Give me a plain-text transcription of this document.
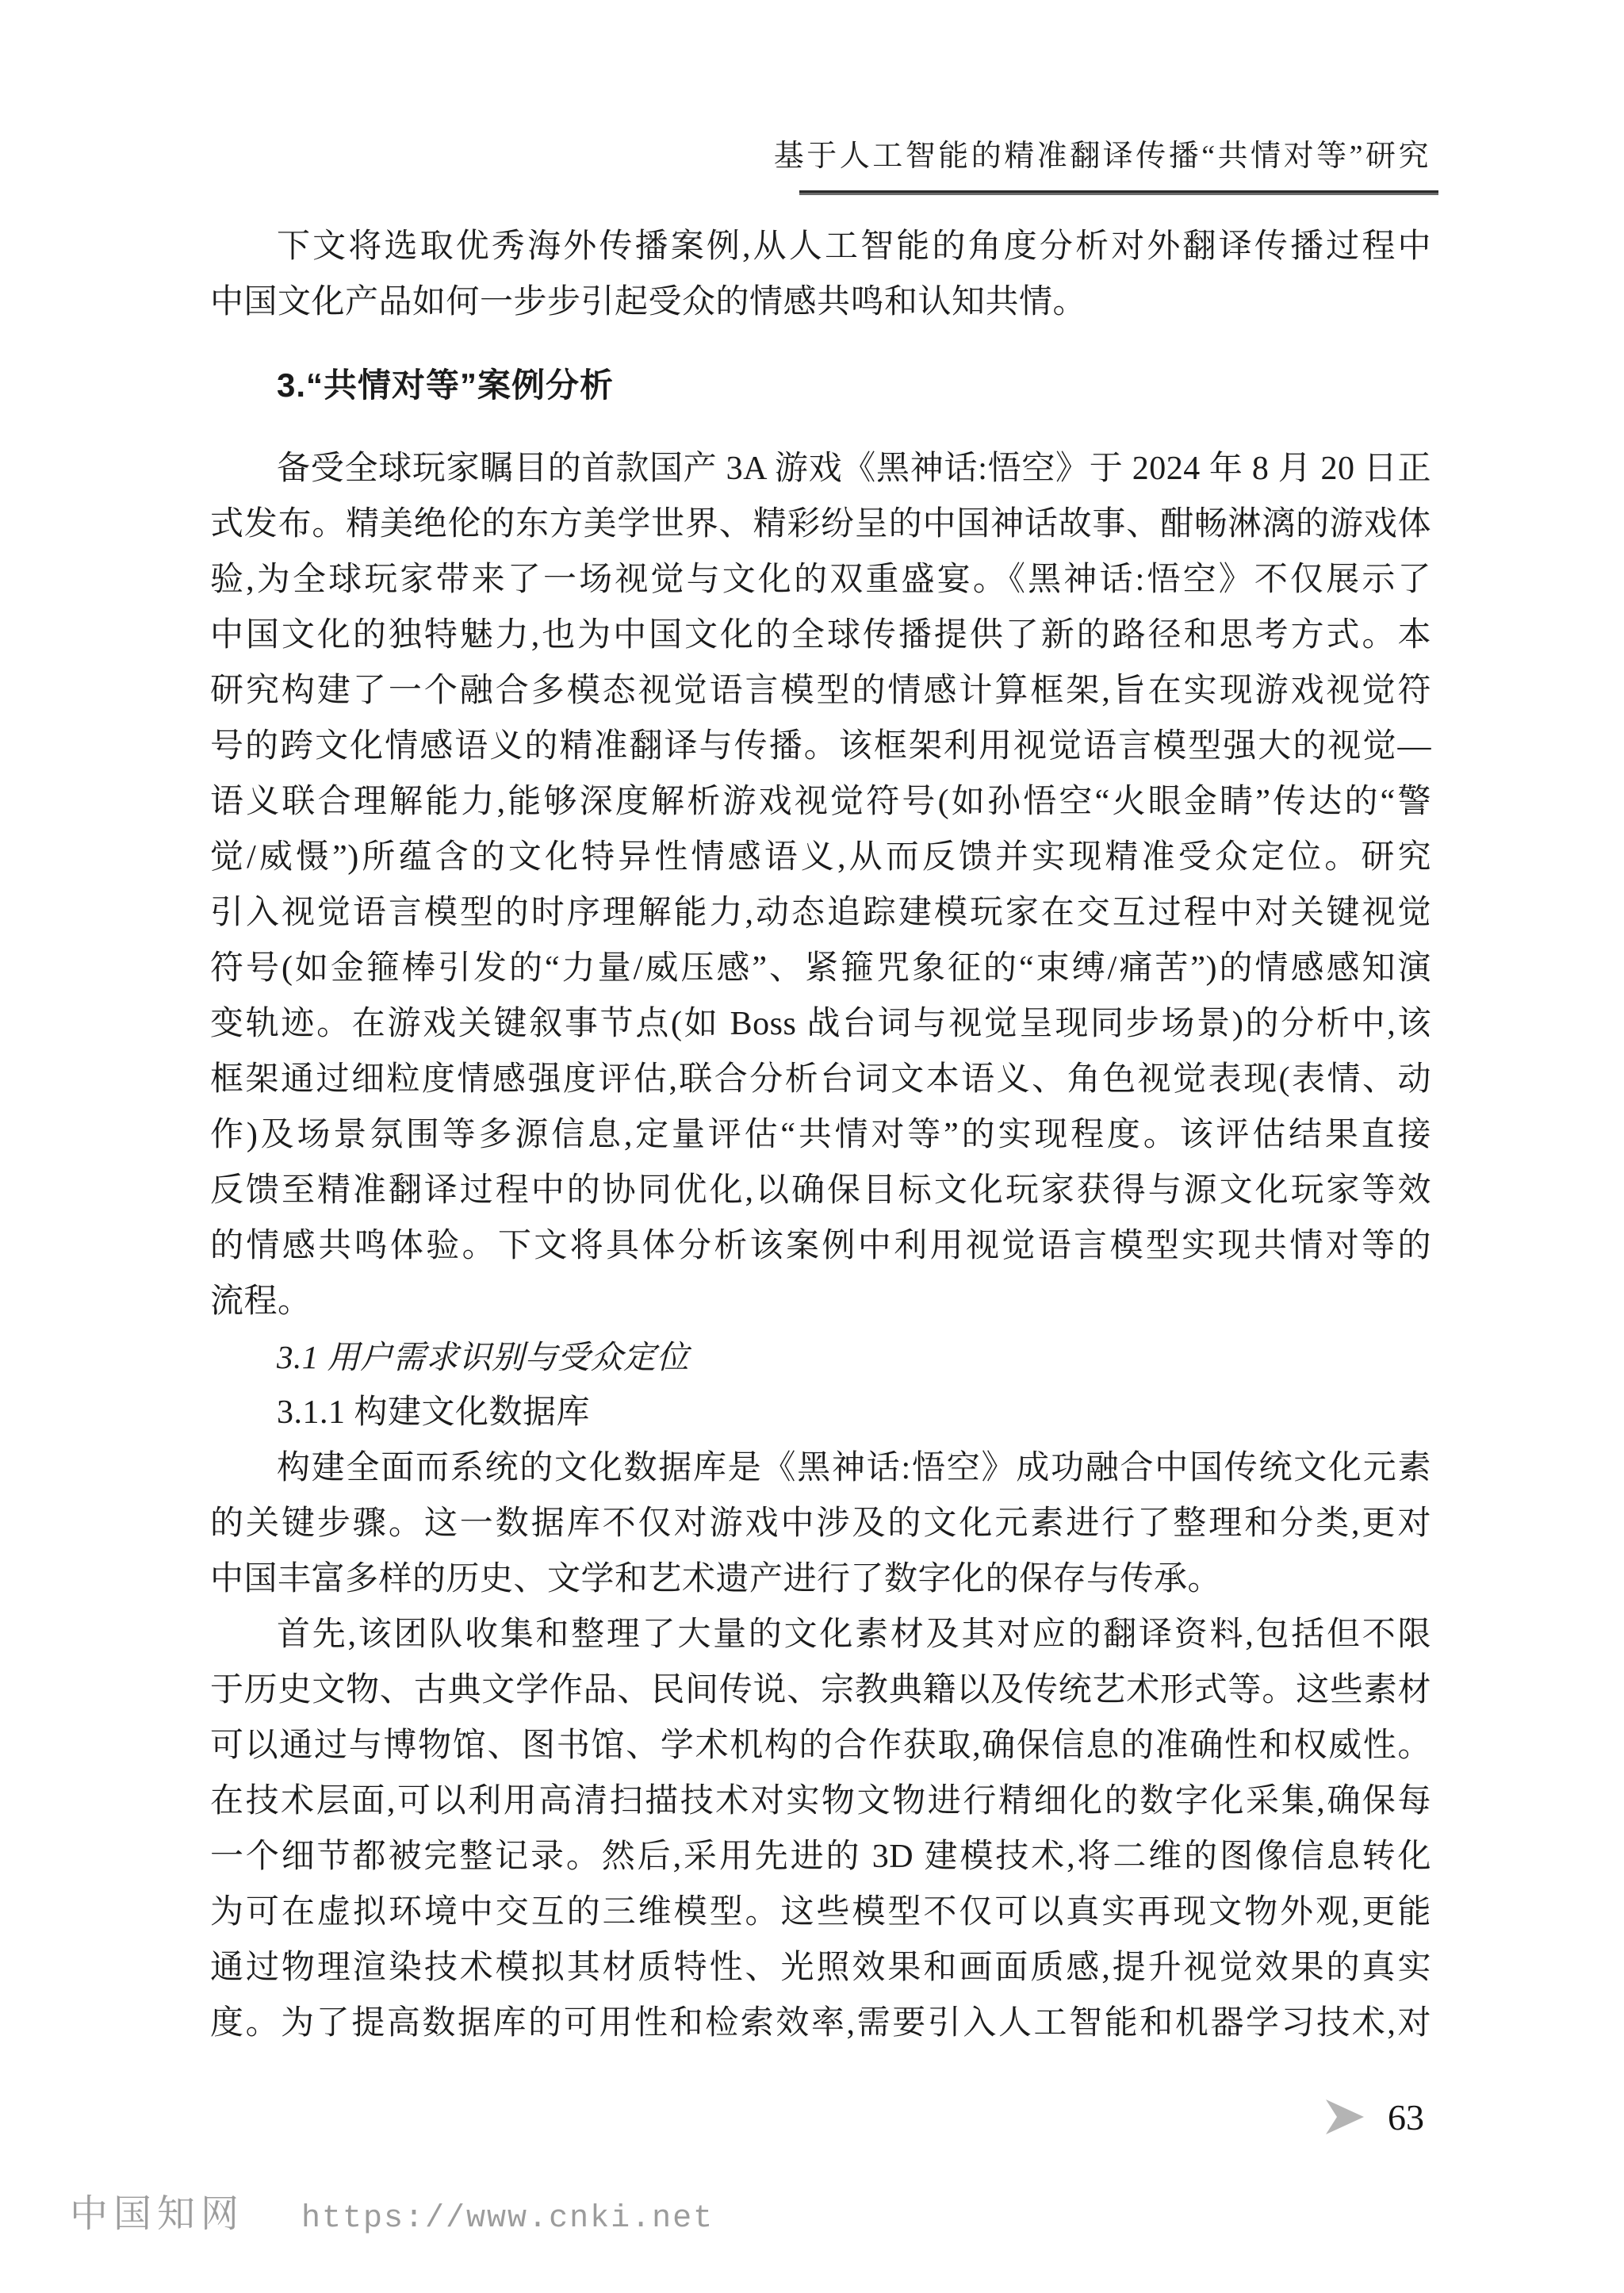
基于人工智能的精准翻译传播“共情对等”研究
下文将选取优秀海外传播案例,从人工智能的角度分析对外翻译传播过程中
中国文化产品如何一步步引起受众的情感共鸣和认知共情。
3.“共情对等”案例分析
备受全球玩家瞩目的首款国产 3A 游戏《黑神话:悟空》于 2024 年 8 月 20 日正
式发布。精美绝伦的东方美学世界、精彩纷呈的中国神话故事、酣畅淋漓的游戏体
验,为全球玩家带来了一场视觉与文化的双重盛宴。《黑神话:悟空》不仅展示了
中国文化的独特魅力,也为中国文化的全球传播提供了新的路径和思考方式。本
研究构建了一个融合多模态视觉语言模型的情感计算框架,旨在实现游戏视觉符
号的跨文化情感语义的精准翻译与传播。该框架利用视觉语言模型强大的视觉—
语义联合理解能力,能够深度解析游戏视觉符号(如孙悟空“火眼金睛”传达的“警
觉/威慑”)所蕴含的文化特异性情感语义,从而反馈并实现精准受众定位。研究
引入视觉语言模型的时序理解能力,动态追踪建模玩家在交互过程中对关键视觉
符号(如金箍棒引发的“力量/威压感”、紧箍咒象征的“束缚/痛苦”)的情感感知演
变轨迹。在游戏关键叙事节点(如 Boss 战台词与视觉呈现同步场景)的分析中,该
框架通过细粒度情感强度评估,联合分析台词文本语义、角色视觉表现(表情、动
作)及场景氛围等多源信息,定量评估“共情对等”的实现程度。该评估结果直接
反馈至精准翻译过程中的协同优化,以确保目标文化玩家获得与源文化玩家等效
的情感共鸣体验。下文将具体分析该案例中利用视觉语言模型实现共情对等的
流程。
3.1 用户需求识别与受众定位
3.1.1 构建文化数据库
构建全面而系统的文化数据库是《黑神话:悟空》成功融合中国传统文化元素
的关键步骤。这一数据库不仅对游戏中涉及的文化元素进行了整理和分类,更对
中国丰富多样的历史、文学和艺术遗产进行了数字化的保存与传承。
首先,该团队收集和整理了大量的文化素材及其对应的翻译资料,包括但不限
于历史文物、古典文学作品、民间传说、宗教典籍以及传统艺术形式等。这些素材
可以通过与博物馆、图书馆、学术机构的合作获取,确保信息的准确性和权威性。
在技术层面,可以利用高清扫描技术对实物文物进行精细化的数字化采集,确保每
一个细节都被完整记录。然后,采用先进的 3D 建模技术,将二维的图像信息转化
为可在虚拟环境中交互的三维模型。这些模型不仅可以真实再现文物外观,更能
通过物理渲染技术模拟其材质特性、光照效果和画面质感,提升视觉效果的真实
度。为了提高数据库的可用性和检索效率,需要引入人工智能和机器学习技术,对
63
中国知网 https://www.cnki.net
